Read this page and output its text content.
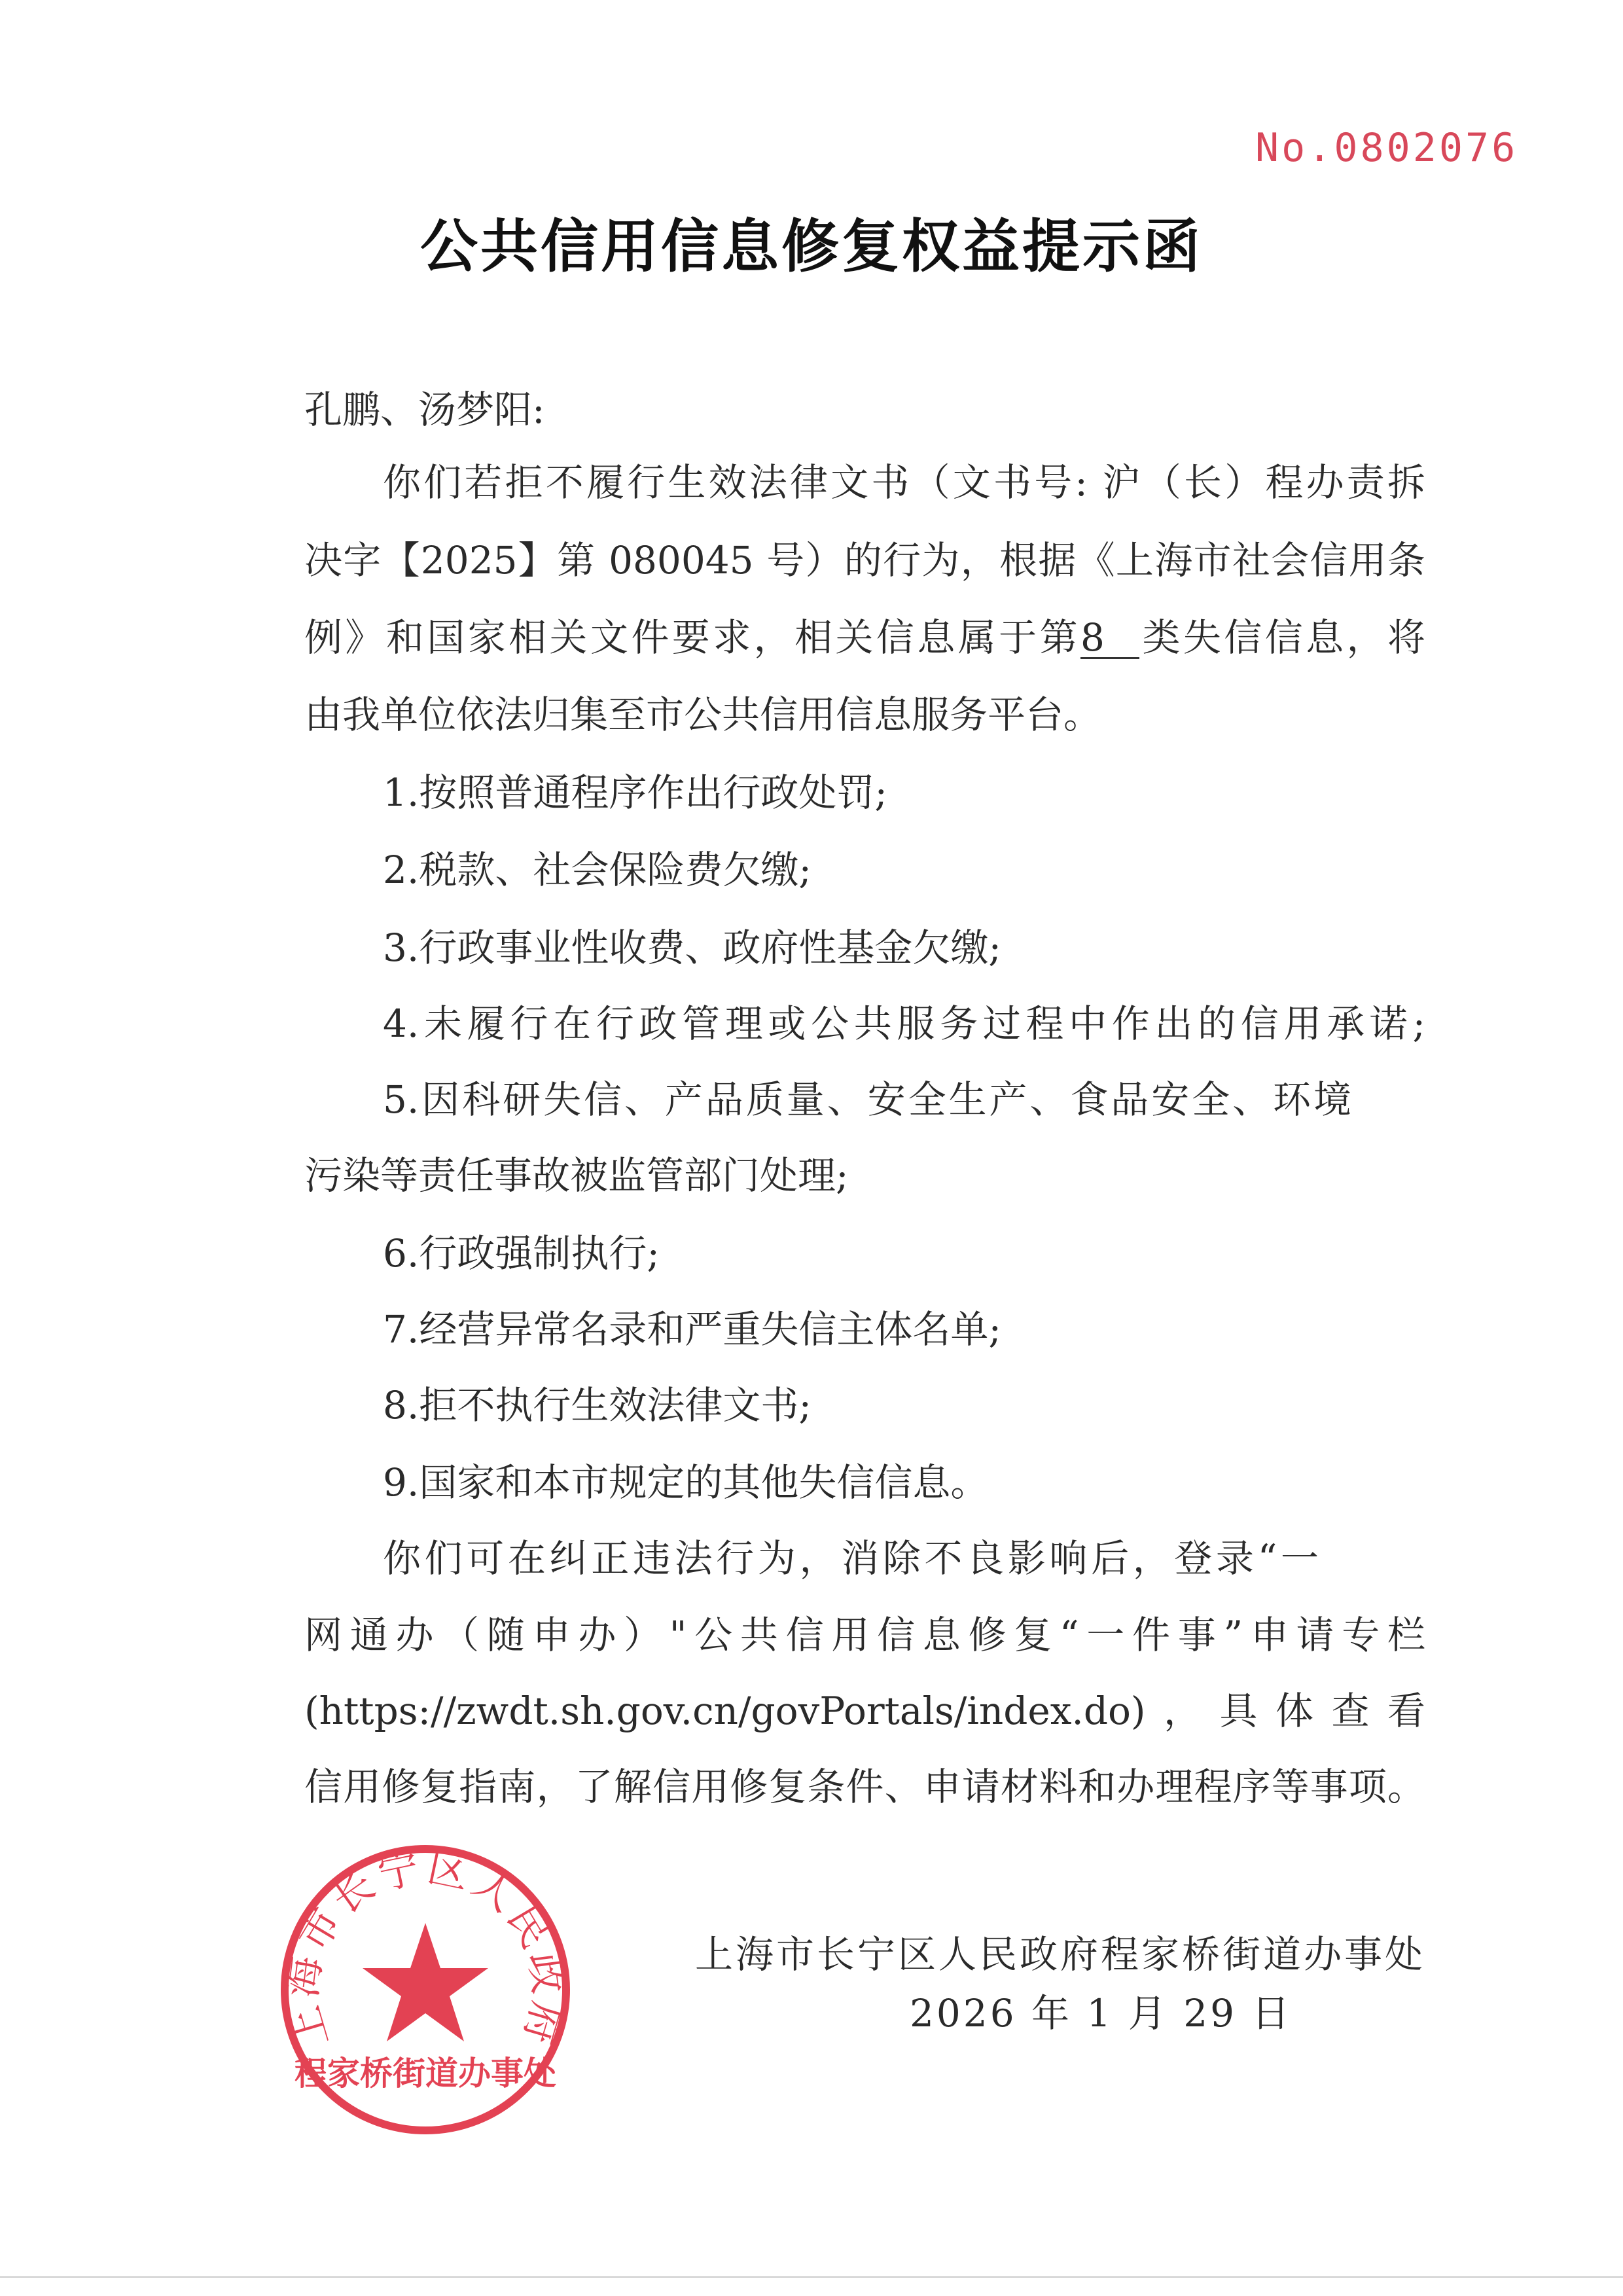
No.0802076
公共信用信息修复权益提示函
孔鹏、汤梦阳:
你们若拒不履行生效法律文书（文书号: 沪（长）程办责拆
决字【2025】第 080045 号）的行为，根据《上海市社会信用条
例》和国家相关文件要求，相关信息属于第8 类失信信息，将
由我单位依法归集至市公共信用信息服务平台。
1.按照普通程序作出行政处罚;
2.税款、社会保险费欠缴;
3.行政事业性收费、政府性基金欠缴;
4.未履行在行政管理或公共服务过程中作出的信用承诺;
5.因科研失信、产品质量、安全生产、食品安全、环境
污染等责任事故被监管部门处理;
6.行政强制执行;
7.经营异常名录和严重失信主体名单;
8.拒不执行生效法律文书;
9.国家和本市规定的其他失信信息。
你们可在纠正违法行为，消除不良影响后，登录“一
网通办（随申办）"公共信用信息修复“一件事”申请专栏
(https://zwdt.sh.gov.cn/govPortals/index.do)，具体查看
信用修复指南，了解信用修复条件、申请材料和办理程序等事项。
上海市长宁区人民政府程家桥街道办事处
2026 年 1 月 29 日
上海市长宁区人民政府
程家桥街道办事处
